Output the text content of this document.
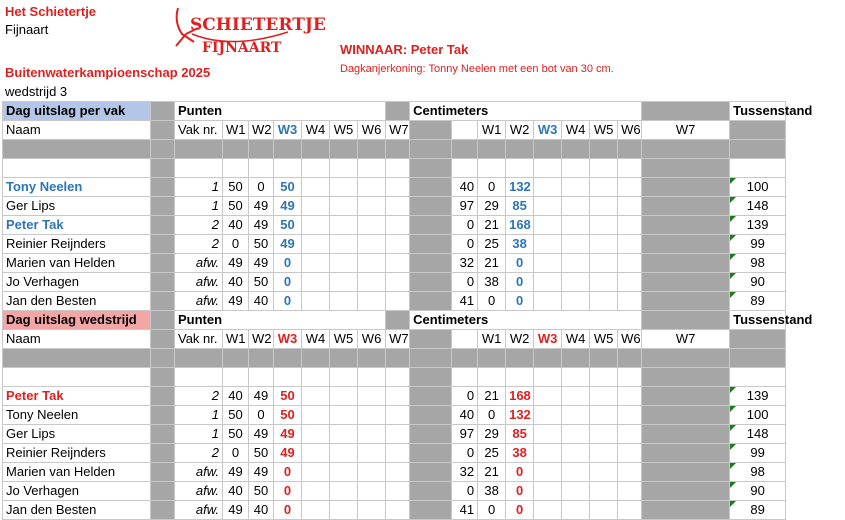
Het Schietertje
Fijnaart
Buitenwaterkampioenschap 2025
wedstrijd 3
SCHIETERTJE
FIJNAART	WINNAAR: Peter Tak
Dagkanjerkoning: Tonny Neelen met een bot van 30 cm.
Dag uitslag per vak		Punten								Centimeters									Tussenstand	
Naam		Vak nr.	W1	W2	W3	W4	W5	W6	W7			W1	W2	W3	W4	W5	W6	W7			

Tony Neelen		1	50	0	50						40	0	132						100	
Ger Lips		1	50	49	49						97	29	85						148	
Peter Tak		2	40	49	50						0	21	168						139	
Reinier Reijnders		2	0	50	49						0	25	38						99	
Marien van Helden		afw.	49	49	0						32	21	0						98	
Jo Verhagen		afw.	40	50	0						0	38	0						90	
Jan den Besten		afw.	49	40	0						41	0	0						89	
Dag uitslag wedstrijd		Punten								Centimeters									Tussenstand	
Naam		Vak nr.	W1	W2	W3	W4	W5	W6	W7			W1	W2	W3	W4	W5	W6	W7			

Peter Tak		2	40	49	50						0	21	168						139	
Tony Neelen		1	50	0	50						40	0	132						100	
Ger Lips		1	50	49	49						97	29	85						148	
Reinier Reijnders		2	0	50	49						0	25	38						99	
Marien van Helden		afw.	49	49	0						32	21	0						98	
Jo Verhagen		afw.	40	50	0						0	38	0						90	
Jan den Besten		afw.	49	40	0						41	0	0						89	
